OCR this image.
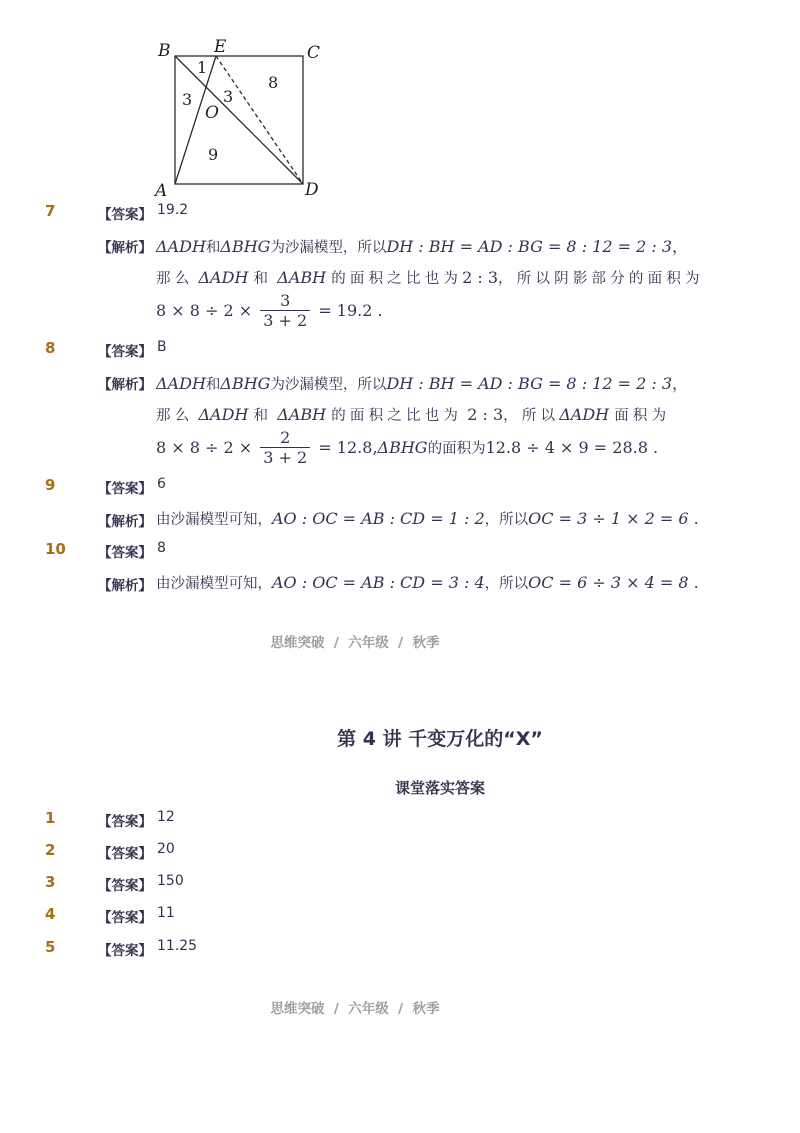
B	E	C
O
A	D
1
3 3
8
9
7	【答案】 19.2
【解析】 ΔADH和ΔBHG为沙漏模型，所以DH : BH = AD : BG = 8 : 12 = 2 : 3，
那么 ΔADH 和 ΔABH 的面积之比也为2 : 3，所以阴影部分的面积为
$8 \times 8 \div 2 \times \frac{3}{3 + 2} = 19.2$ .
8	【答案】 B
【解析】 ΔADH和ΔBHG为沙漏模型，所以DH : BH = AD : BG = 8 : 12 = 2 : 3，
那么 ΔADH 和 ΔABH 的面积之比也为 2 : 3，所以ΔADH 面积为
$8 \times 8 \div 2 \times \frac{2}{3 + 2} = 12.8,\Delta BHG$的面积为12.8 ÷ 4 × 9 = 28.8 .
9	【答案】 6
【解析】 由沙漏模型可知，AO : OC = AB : CD = 1 : 2，所以OC = 3 ÷ 1 × 2 = 6 .
10 【答案】 8
【解析】 由沙漏模型可知，AO : OC = AB : CD = 3 : 4，所以OC = 6 ÷ 3 × 4 = 8 .
思维突破  /  六年级  /  秋季
第 4 讲 千变万化的“X”
课堂落实答案
1	【答案】 12
2	【答案】 20
3	【答案】 150
4	【答案】 11
5	【答案】 11.25
思维突破  /  六年级  /  秋季
